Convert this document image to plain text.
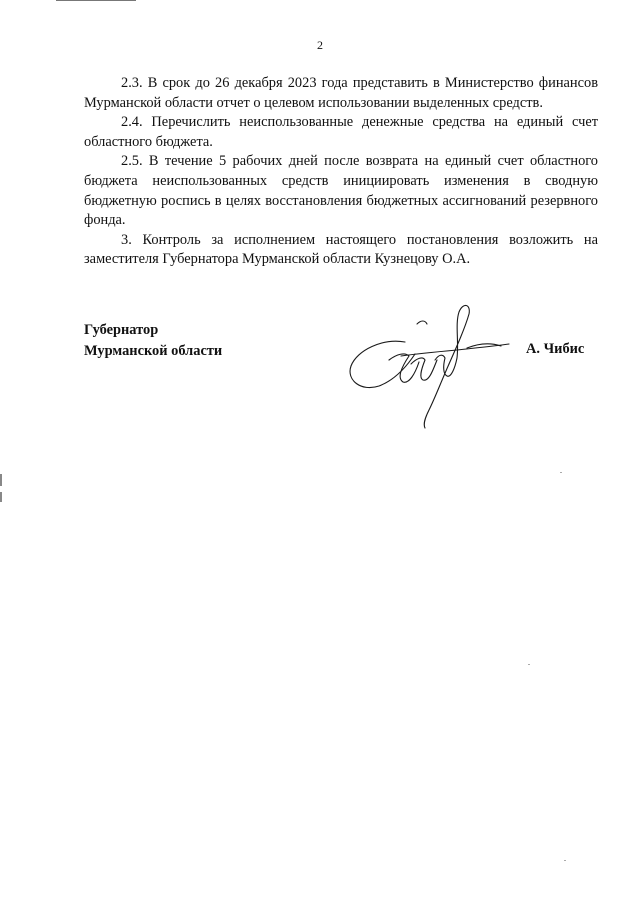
2

2.3. В срок до 26 декабря 2023 года представить в Министерство финансов Мурманской области отчет о целевом использовании выделенных средств.

2.4. Перечислить неиспользованные денежные средства на единый счет областного бюджета.

2.5. В течение 5 рабочих дней после возврата на единый счет областного бюджета неиспользованных средств инициировать изменения в сводную бюджетную роспись в целях восстановления бюджетных ассигнований резервного фонда.

3. Контроль за исполнением настоящего постановления возложить на заместителя Губернатора Мурманской области Кузнецову О.А.

Губернатор
Мурманской области	А. Чибис
